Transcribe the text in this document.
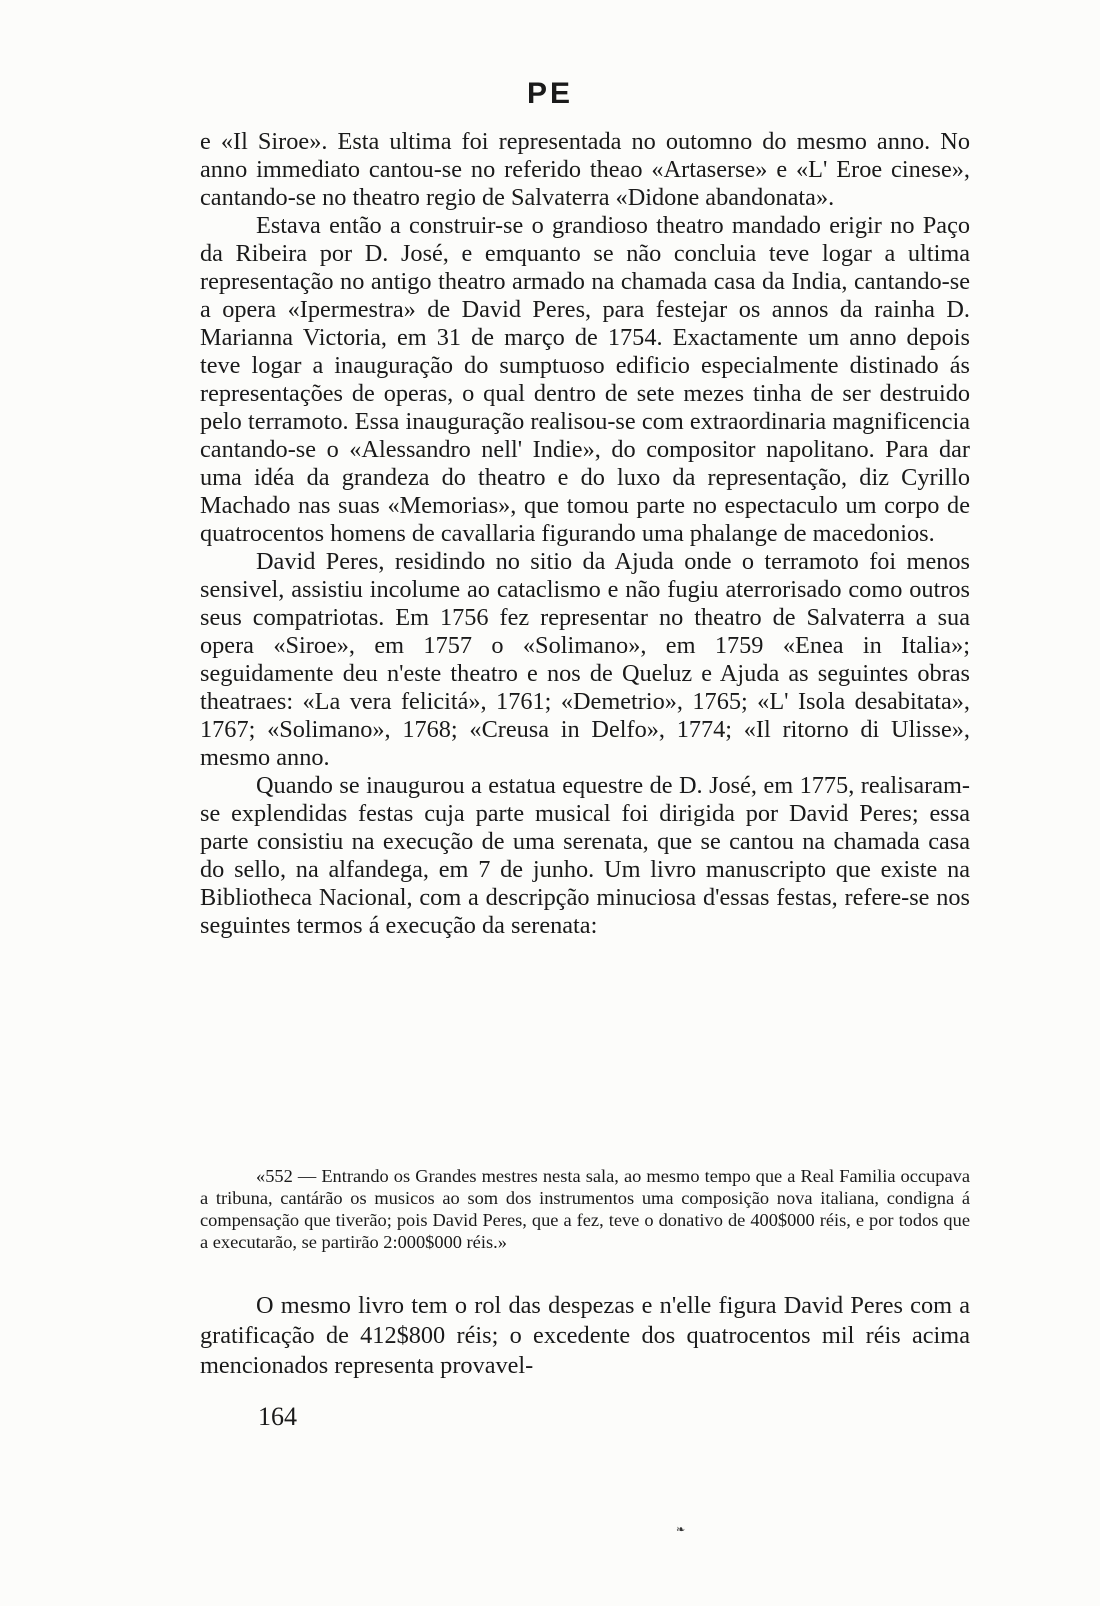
PE

e «Il Siroe». Esta ultima foi representada no outomno do mesmo anno. No anno immediato cantou-se no referido theao «Artaserse» e «L' Eroe cinese», cantando-se no theatro regio de Salvaterra «Didone abandonata».

Estava então a construir-se o grandioso theatro mandado erigir no Paço da Ribeira por D. José, e emquanto se não concluia teve logar a ultima representação no antigo theatro armado na chamada casa da India, cantando-se a opera «Ipermestra» de David Peres, para festejar os annos da rainha D. Marianna Victoria, em 31 de março de 1754. Exactamente um anno depois teve logar a inauguração do sumptuoso edificio especialmente distinado ás representações de operas, o qual dentro de sete mezes tinha de ser destruido pelo terramoto. Essa inauguração realisou-se com extraordinaria magnificencia cantando-se o «Alessandro nell' Indie», do compositor napolitano. Para dar uma idéa da grandeza do theatro e do luxo da representação, diz Cyrillo Machado nas suas «Memorias», que tomou parte no espectaculo um corpo de quatrocentos homens de cavallaria figurando uma phalange de macedonios.

David Peres, residindo no sitio da Ajuda onde o terramoto foi menos sensivel, assistiu incolume ao cataclismo e não fugiu aterrorisado como outros seus compatriotas. Em 1756 fez representar no theatro de Salvaterra a sua opera «Siroe», em 1757 o «Solimano», em 1759 «Enea in Italia»; seguidamente deu n'este theatro e nos de Queluz e Ajuda as seguintes obras theatraes: «La vera felicitá», 1761; «Demetrio», 1765; «L' Isola desabitata», 1767; «Solimano», 1768; «Creusa in Delfo», 1774; «Il ritorno di Ulisse», mesmo anno.

Quando se inaugurou a estatua equestre de D. José, em 1775, realisaram-se explendidas festas cuja parte musical foi dirigida por David Peres; essa parte consistiu na execução de uma serenata, que se cantou na chamada casa do sello, na alfandega, em 7 de junho. Um livro manuscripto que existe na Bibliotheca Nacional, com a descripção minuciosa d'essas festas, refere-se nos seguintes termos á execução da serenata:

«552 — Entrando os Grandes mestres nesta sala, ao mesmo tempo que a Real Familia occupava a tribuna, cantárão os musicos ao som dos instrumentos uma composição nova italiana, condigna á compensação que tiverão; pois David Peres, que a fez, teve o donativo de 400$000 réis, e por todos que a executarão, se partirão 2:000$000 réis.»

O mesmo livro tem o rol das despezas e n'elle figura David Peres com a gratificação de 412$800 réis; o excedente dos quatrocentos mil réis acima mencionados representa provavel-

164
❧
